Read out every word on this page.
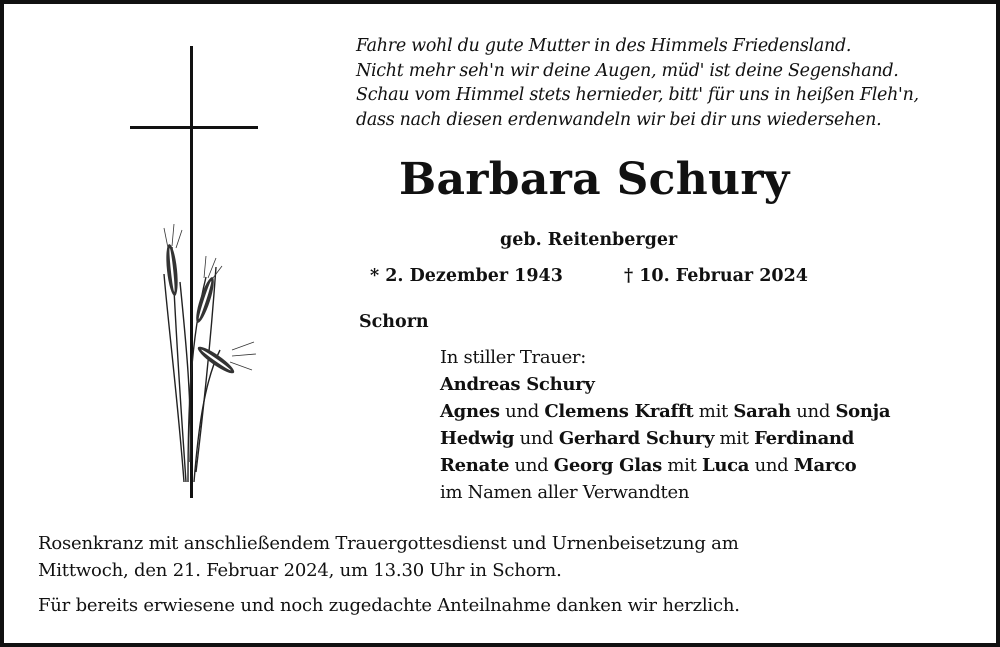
Fahre wohl du gute Mutter in des Himmels Friedensland.
Nicht mehr seh'n wir deine Augen, müd' ist deine Segenshand.
Schau vom Himmel stets hernieder, bitt' für uns in heißen Fleh'n,
dass nach diesen erdenwandeln wir bei dir uns wiedersehen.
Barbara Schury
geb. Reitenberger
* 2. Dezember 1943	† 10. Februar 2024
Schorn
In stiller Trauer:
Andreas Schury
Agnes und Clemens Krafft mit Sarah und Sonja
Hedwig und Gerhard Schury mit Ferdinand
Renate und Georg Glas mit Luca und Marco
im Namen aller Verwandten
Rosenkranz mit anschließendem Trauergottesdienst und Urnenbeisetzung am
Mittwoch, den 21. Februar 2024, um 13.30 Uhr in Schorn.
Für bereits erwiesene und noch zugedachte Anteilnahme danken wir herzlich.
